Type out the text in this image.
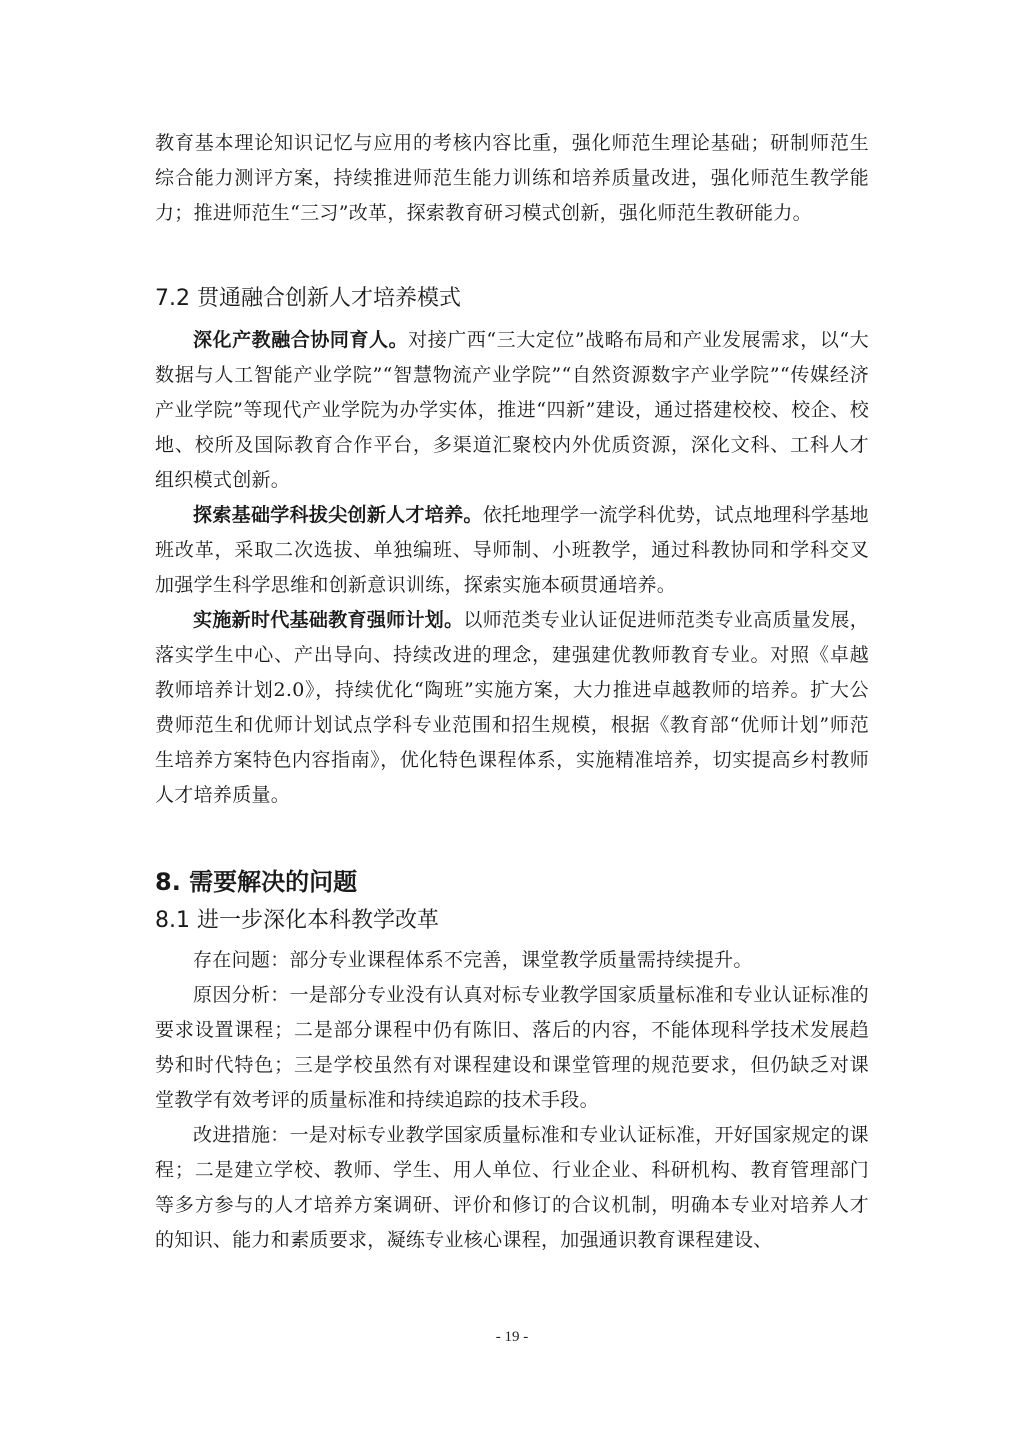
教育基本理论知识记忆与应用的考核内容比重，强化师范生理论基础；研制师范生综合能力测评方案，持续推进师范生能力训练和培养质量改进，强化师范生教学能力；推进师范生“三习”改革，探索教育研习模式创新，强化师范生教研能力。

7.2 贯通融合创新人才培养模式

深化产教融合协同育人。对接广西“三大定位”战略布局和产业发展需求，以“大数据与人工智能产业学院”“智慧物流产业学院”“自然资源数字产业学院”“传媒经济产业学院”等现代产业学院为办学实体，推进“四新”建设，通过搭建校校、校企、校地、校所及国际教育合作平台，多渠道汇聚校内外优质资源，深化文科、工科人才组织模式创新。

探索基础学科拔尖创新人才培养。依托地理学一流学科优势，试点地理科学基地班改革，采取二次选拔、单独编班、导师制、小班教学，通过科教协同和学科交叉加强学生科学思维和创新意识训练，探索实施本硕贯通培养。

实施新时代基础教育强师计划。以师范类专业认证促进师范类专业高质量发展，落实学生中心、产出导向、持续改进的理念，建强建优教师教育专业。对照《卓越教师培养计划2.0》，持续优化“陶班”实施方案，大力推进卓越教师的培养。扩大公费师范生和优师计划试点学科专业范围和招生规模，根据《教育部“优师计划”师范生培养方案特色内容指南》，优化特色课程体系，实施精准培养，切实提高乡村教师人才培养质量。

8. 需要解决的问题
8.1 进一步深化本科教学改革

存在问题：部分专业课程体系不完善，课堂教学质量需持续提升。

原因分析：一是部分专业没有认真对标专业教学国家质量标准和专业认证标准的要求设置课程；二是部分课程中仍有陈旧、落后的内容，不能体现科学技术发展趋势和时代特色；三是学校虽然有对课程建设和课堂管理的规范要求，但仍缺乏对课堂教学有效考评的质量标准和持续追踪的技术手段。

改进措施：一是对标专业教学国家质量标准和专业认证标准，开好国家规定的课程；二是建立学校、教师、学生、用人单位、行业企业、科研机构、教育管理部门等多方参与的人才培养方案调研、评价和修订的合议机制，明确本专业对培养人才的知识、能力和素质要求，凝练专业核心课程，加强通识教育课程建设、

- 19 -
